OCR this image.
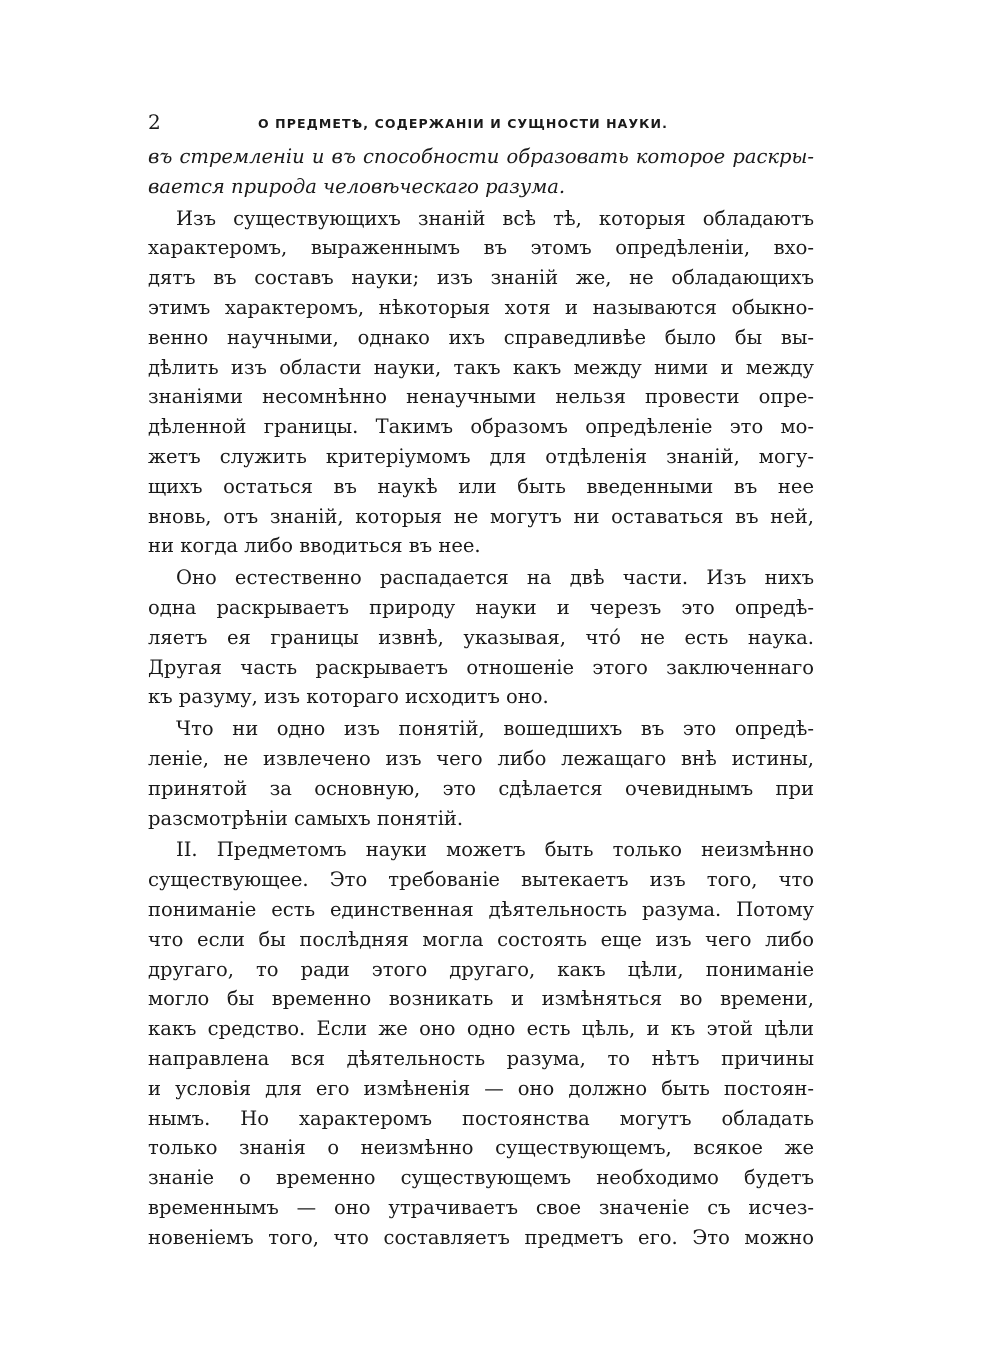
2	О ПРЕДМЕТѢ, СОДЕРЖАНIИ И СУЩНОСТИ НАУКИ.
въ стремленiи и въ способности образовать которое раскры-
вается природа человѣческаго разума.
Изъ существующихъ знанiй всѣ тѣ, которыя обладаютъ
характеромъ, выраженнымъ въ этомъ опредѣленiи, вхо-
дятъ въ составъ науки; изъ знанiй же, не обладающихъ
этимъ характеромъ, нѣкоторыя хотя и называются обыкно-
венно научными, однако ихъ справедливѣе было бы вы-
дѣлить изъ области науки, такъ какъ между ними и между
знанiями несомнѣнно ненаучными нельзя провести опре-
дѣленной границы. Такимъ образомъ опредѣленiе это мо-
жетъ служить критерiумомъ для отдѣленiя знанiй, могу-
щихъ остаться въ наукѣ или быть введенными въ нее
вновь, отъ знанiй, которыя не могутъ ни оставаться въ ней,
ни когда либо вводиться въ нее.
Оно естественно распадается на двѣ части. Изъ нихъ
одна раскрываетъ природу науки и черезъ это опредѣ-
ляетъ ея границы извнѣ, указывая, что́ не есть наука.
Другая часть раскрываетъ отношенiе этого заключеннаго
къ разуму, изъ котораго исходитъ оно.
Что ни одно изъ понятiй, вошедшихъ въ это опредѣ-
ленiе, не извлечено изъ чего либо лежащаго внѣ истины,
принятой за основную, это сдѣлается очевиднымъ при
разсмотрѣнiи самыхъ понятiй.
II. Предметомъ науки можетъ быть только неизмѣнно
существующее. Это требованiе вытекаетъ изъ того, что
пониманiе есть единственная дѣятельность разума. Потому
что если бы послѣдняя могла состоять еще изъ чего либо
другаго, то ради этого другаго, какъ цѣли, пониманiе
могло бы временно возникать и измѣняться во времени,
какъ средство. Если же оно одно есть цѣль, и къ этой цѣли
направлена вся дѣятельность разума, то нѣтъ причины
и условiя для его измѣненiя — оно должно быть постоян-
нымъ. Но характеромъ постоянства могутъ обладать
только знанiя о неизмѣнно существующемъ, всякое же
знанiе о временно существующемъ необходимо будетъ
временнымъ — оно утрачиваетъ свое значенiе съ исчез-
новенiемъ того, что составляетъ предметъ его. Это можно
